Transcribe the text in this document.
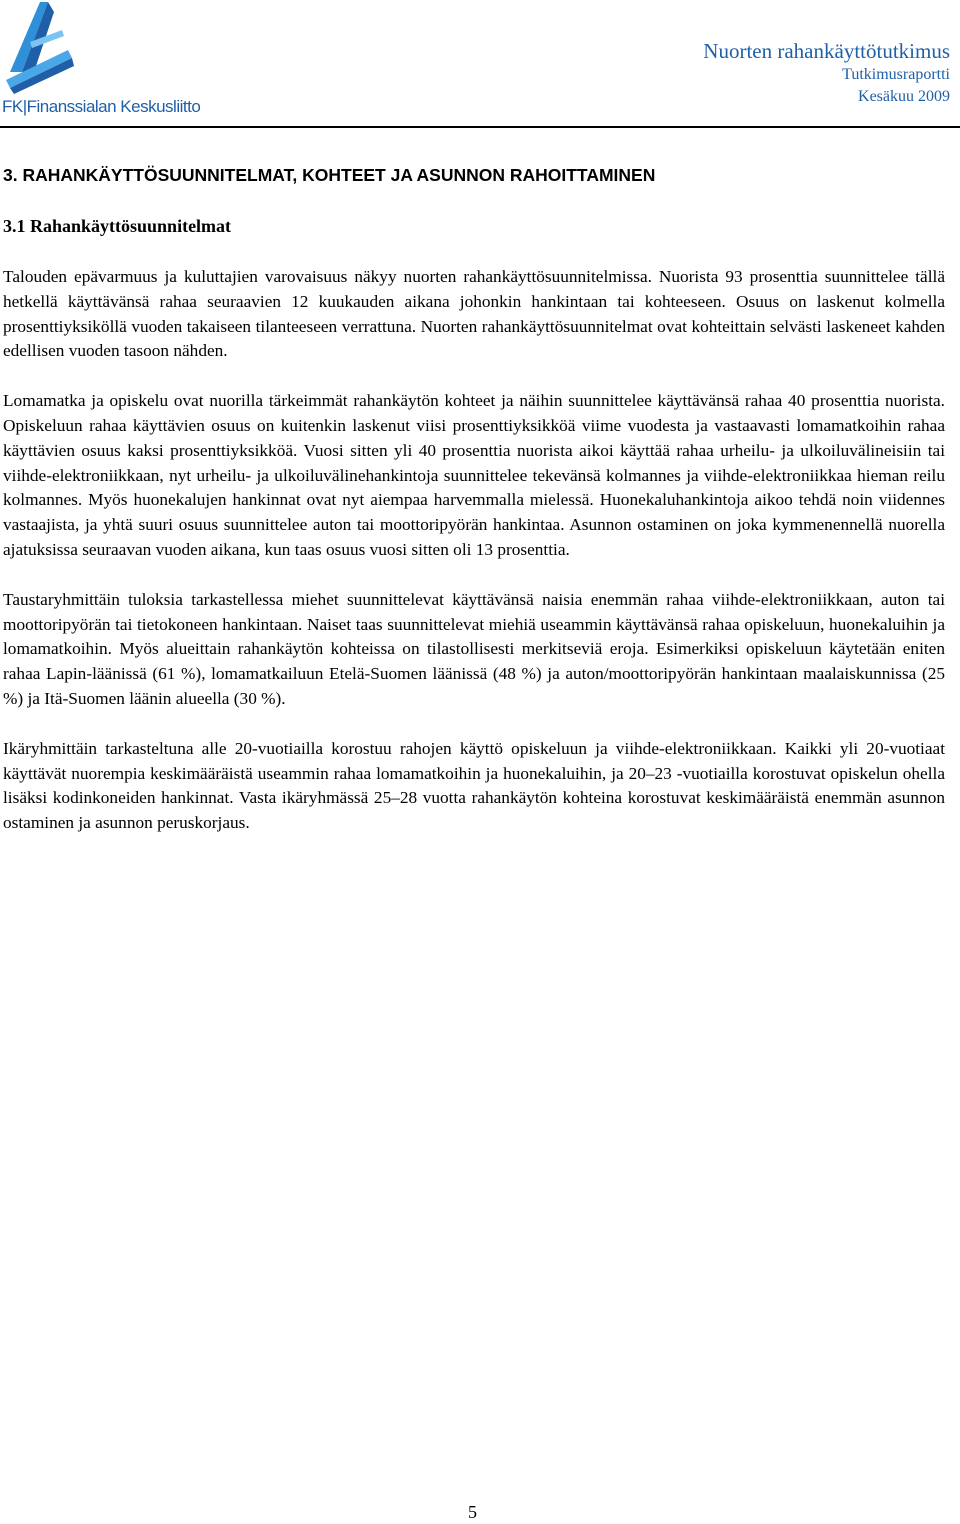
FK|Finanssialan Keskusliitto
Nuorten rahankäyttötutkimus
Tutkimusraportti
Kesäkuu 2009
3. RAHANKÄYTTÖSUUNNITELMAT, KOHTEET JA ASUNNON RAHOITTAMINEN
3.1 Rahankäyttösuunnitelmat

Talouden epävarmuus ja kuluttajien varovaisuus näkyy nuorten rahankäyttösuunnitelmissa. Nuorista 93 prosenttia suunnittelee tällä hetkellä käyttävänsä rahaa seuraavien 12 kuukauden aikana johonkin hankintaan tai kohteeseen. Osuus on laskenut kolmella prosenttiyksiköllä vuoden takaiseen tilanteeseen verrattuna. Nuorten rahankäyttösuunnitelmat ovat kohteittain selvästi laskeneet kahden edellisen vuoden tasoon nähden.

Lomamatka ja opiskelu ovat nuorilla tärkeimmät rahankäytön kohteet ja näihin suunnittelee käyttävänsä rahaa 40 prosenttia nuorista. Opiskeluun rahaa käyttävien osuus on kuitenkin laskenut viisi prosenttiyksikköä viime vuodesta ja vastaavasti lomamatkoihin rahaa käyttävien osuus kaksi prosenttiyksikköä. Vuosi sitten yli 40 prosenttia nuorista aikoi käyttää rahaa urheilu- ja ulkoiluvälineisiin tai viihde-elektroniikkaan, nyt urheilu- ja ulkoiluvälinehankintoja suunnittelee tekevänsä kolmannes ja viihde-elektroniikkaa hieman reilu kolmannes. Myös huonekalujen hankinnat ovat nyt aiempaa harvemmalla mielessä. Huonekaluhankintoja aikoo tehdä noin viidennes vastaajista, ja yhtä suuri osuus suunnittelee auton tai moottoripyörän hankintaa. Asunnon ostaminen on joka kymmenennellä nuorella ajatuksissa seuraavan vuoden aikana, kun taas osuus vuosi sitten oli 13 prosenttia.

Taustaryhmittäin tuloksia tarkastellessa miehet suunnittelevat käyttävänsä naisia enemmän rahaa viihde-elektroniikkaan, auton tai moottoripyörän tai tietokoneen hankintaan. Naiset taas suunnittelevat miehiä useammin käyttävänsä rahaa opiskeluun, huonekaluihin ja lomamatkoihin. Myös alueittain rahankäytön kohteissa on tilastollisesti merkitseviä eroja. Esimerkiksi opiskeluun käytetään eniten rahaa Lapin-läänissä (61 %), lomamatkailuun Etelä-Suomen läänissä (48 %) ja auton/moottoripyörän hankintaan maalaiskunnissa (25 %) ja Itä-Suomen läänin alueella (30 %).

Ikäryhmittäin tarkasteltuna alle 20-vuotiailla korostuu rahojen käyttö opiskeluun ja viihde-elektroniikkaan. Kaikki yli 20-vuotiaat käyttävät nuorempia keskimääräistä useammin rahaa lomamatkoihin ja huonekaluihin, ja 20–23 -vuotiailla korostuvat opiskelun ohella lisäksi kodinkoneiden hankinnat. Vasta ikäryhmässä 25–28 vuotta rahankäytön kohteina korostuvat keskimääräistä enemmän asunnon ostaminen ja asunnon peruskorjaus.

5
